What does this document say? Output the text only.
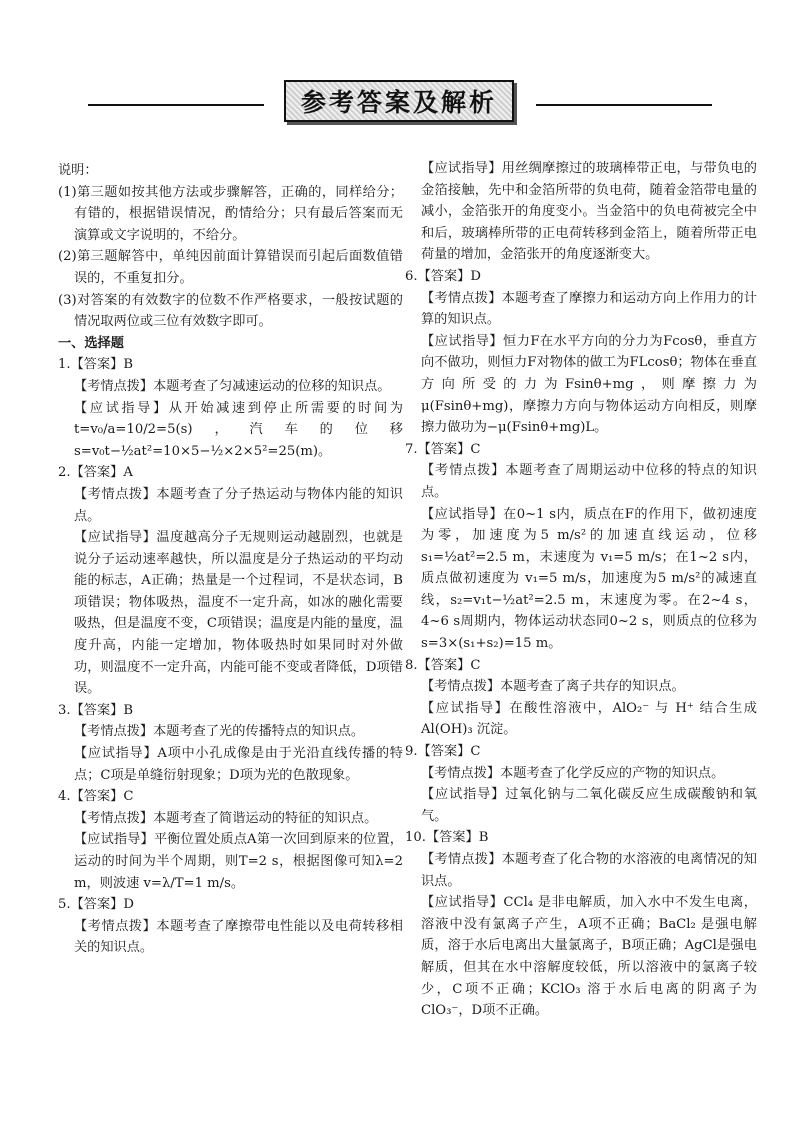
参考答案及解析

说明：

(1)第三题如按其他方法或步骤解答，正确的，同样给分；有错的，根据错误情况，酌情给分；只有最后答案而无演算或文字说明的，不给分。

(2)第三题解答中，单纯因前面计算错误而引起后面数值错误的，不重复扣分。

(3)对答案的有效数字的位数不作严格要求，一般按试题的情况取两位或三位有效数字即可。

一、选择题

1.【答案】B

【考情点拨】本题考查了匀减速运动的位移的知识点。

【应试指导】从开始减速到停止所需要的时间为 t=v₀/a=10/2=5(s)，汽车的位移 s=v₀t−½at²=10×5−½×2×5²=25(m)。

2.【答案】A

【考情点拨】本题考查了分子热运动与物体内能的知识点。

【应试指导】温度越高分子无规则运动越剧烈，也就是说分子运动速率越快，所以温度是分子热运动的平均动能的标志，A正确；热量是一个过程词，不是状态词，B项错误；物体吸热，温度不一定升高，如冰的融化需要吸热，但是温度不变，C项错误；温度是内能的量度，温度升高，内能一定增加，物体吸热时如果同时对外做功，则温度不一定升高，内能可能不变或者降低，D项错误。

3.【答案】B

【考情点拨】本题考查了光的传播特点的知识点。

【应试指导】A项中小孔成像是由于光沿直线传播的特点；C项是单缝衍射现象；D项为光的色散现象。

4.【答案】C

【考情点拨】本题考查了简谐运动的特征的知识点。

【应试指导】平衡位置处质点A第一次回到原来的位置，运动的时间为半个周期，则T=2 s，根据图像可知λ=2 m，则波速 v=λ/T=1 m/s。

5.【答案】D

【考情点拨】本题考查了摩擦带电性能以及电荷转移相关的知识点。

【应试指导】用丝绸摩擦过的玻璃棒带正电，与带负电的金箔接触，先中和金箔所带的负电荷，随着金箔带电量的减小，金箔张开的角度变小。当金箔中的负电荷被完全中和后，玻璃棒所带的正电荷转移到金箔上，随着所带正电荷量的增加，金箔张开的角度逐渐变大。

6.【答案】D

【考情点拨】本题考查了摩擦力和运动方向上作用力的计算的知识点。

【应试指导】恒力F在水平方向的分力为Fcosθ，垂直方向不做功，则恒力F对物体的做工为FLcosθ；物体在垂直方向所受的力为Fsinθ+mg，则摩擦力为μ(Fsinθ+mg)，摩擦力方向与物体运动方向相反，则摩擦力做功为−μ(Fsinθ+mg)L。

7.【答案】C

【考情点拨】本题考查了周期运动中位移的特点的知识点。

【应试指导】在0~1 s内，质点在F的作用下，做初速度为零，加速度为5 m/s²的加速直线运动，位移 s₁=½at²=2.5 m，末速度为 v₁=5 m/s；在1~2 s内，质点做初速度为 v₁=5 m/s，加速度为5 m/s²的减速直线，s₂=v₁t−½at²=2.5 m，末速度为零。在2~4 s，4~6 s周期内，物体运动状态同0~2 s，则质点的位移为 s=3×(s₁+s₂)=15 m。

8.【答案】C

【考情点拨】本题考查了离子共存的知识点。

【应试指导】在酸性溶液中，AlO₂⁻ 与 H⁺ 结合生成 Al(OH)₃ 沉淀。

9.【答案】C

【考情点拨】本题考查了化学反应的产物的知识点。

【应试指导】过氧化钠与二氧化碳反应生成碳酸钠和氧气。

10.【答案】B

【考情点拨】本题考查了化合物的水溶液的电离情况的知识点。

【应试指导】CCl₄ 是非电解质，加入水中不发生电离，溶液中没有氯离子产生，A项不正确；BaCl₂ 是强电解质，溶于水后电离出大量氯离子，B项正确；AgCl是强电解质，但其在水中溶解度较低，所以溶液中的氯离子较少，C项不正确；KClO₃ 溶于水后电离的阴离子为 ClO₃⁻，D项不正确。
